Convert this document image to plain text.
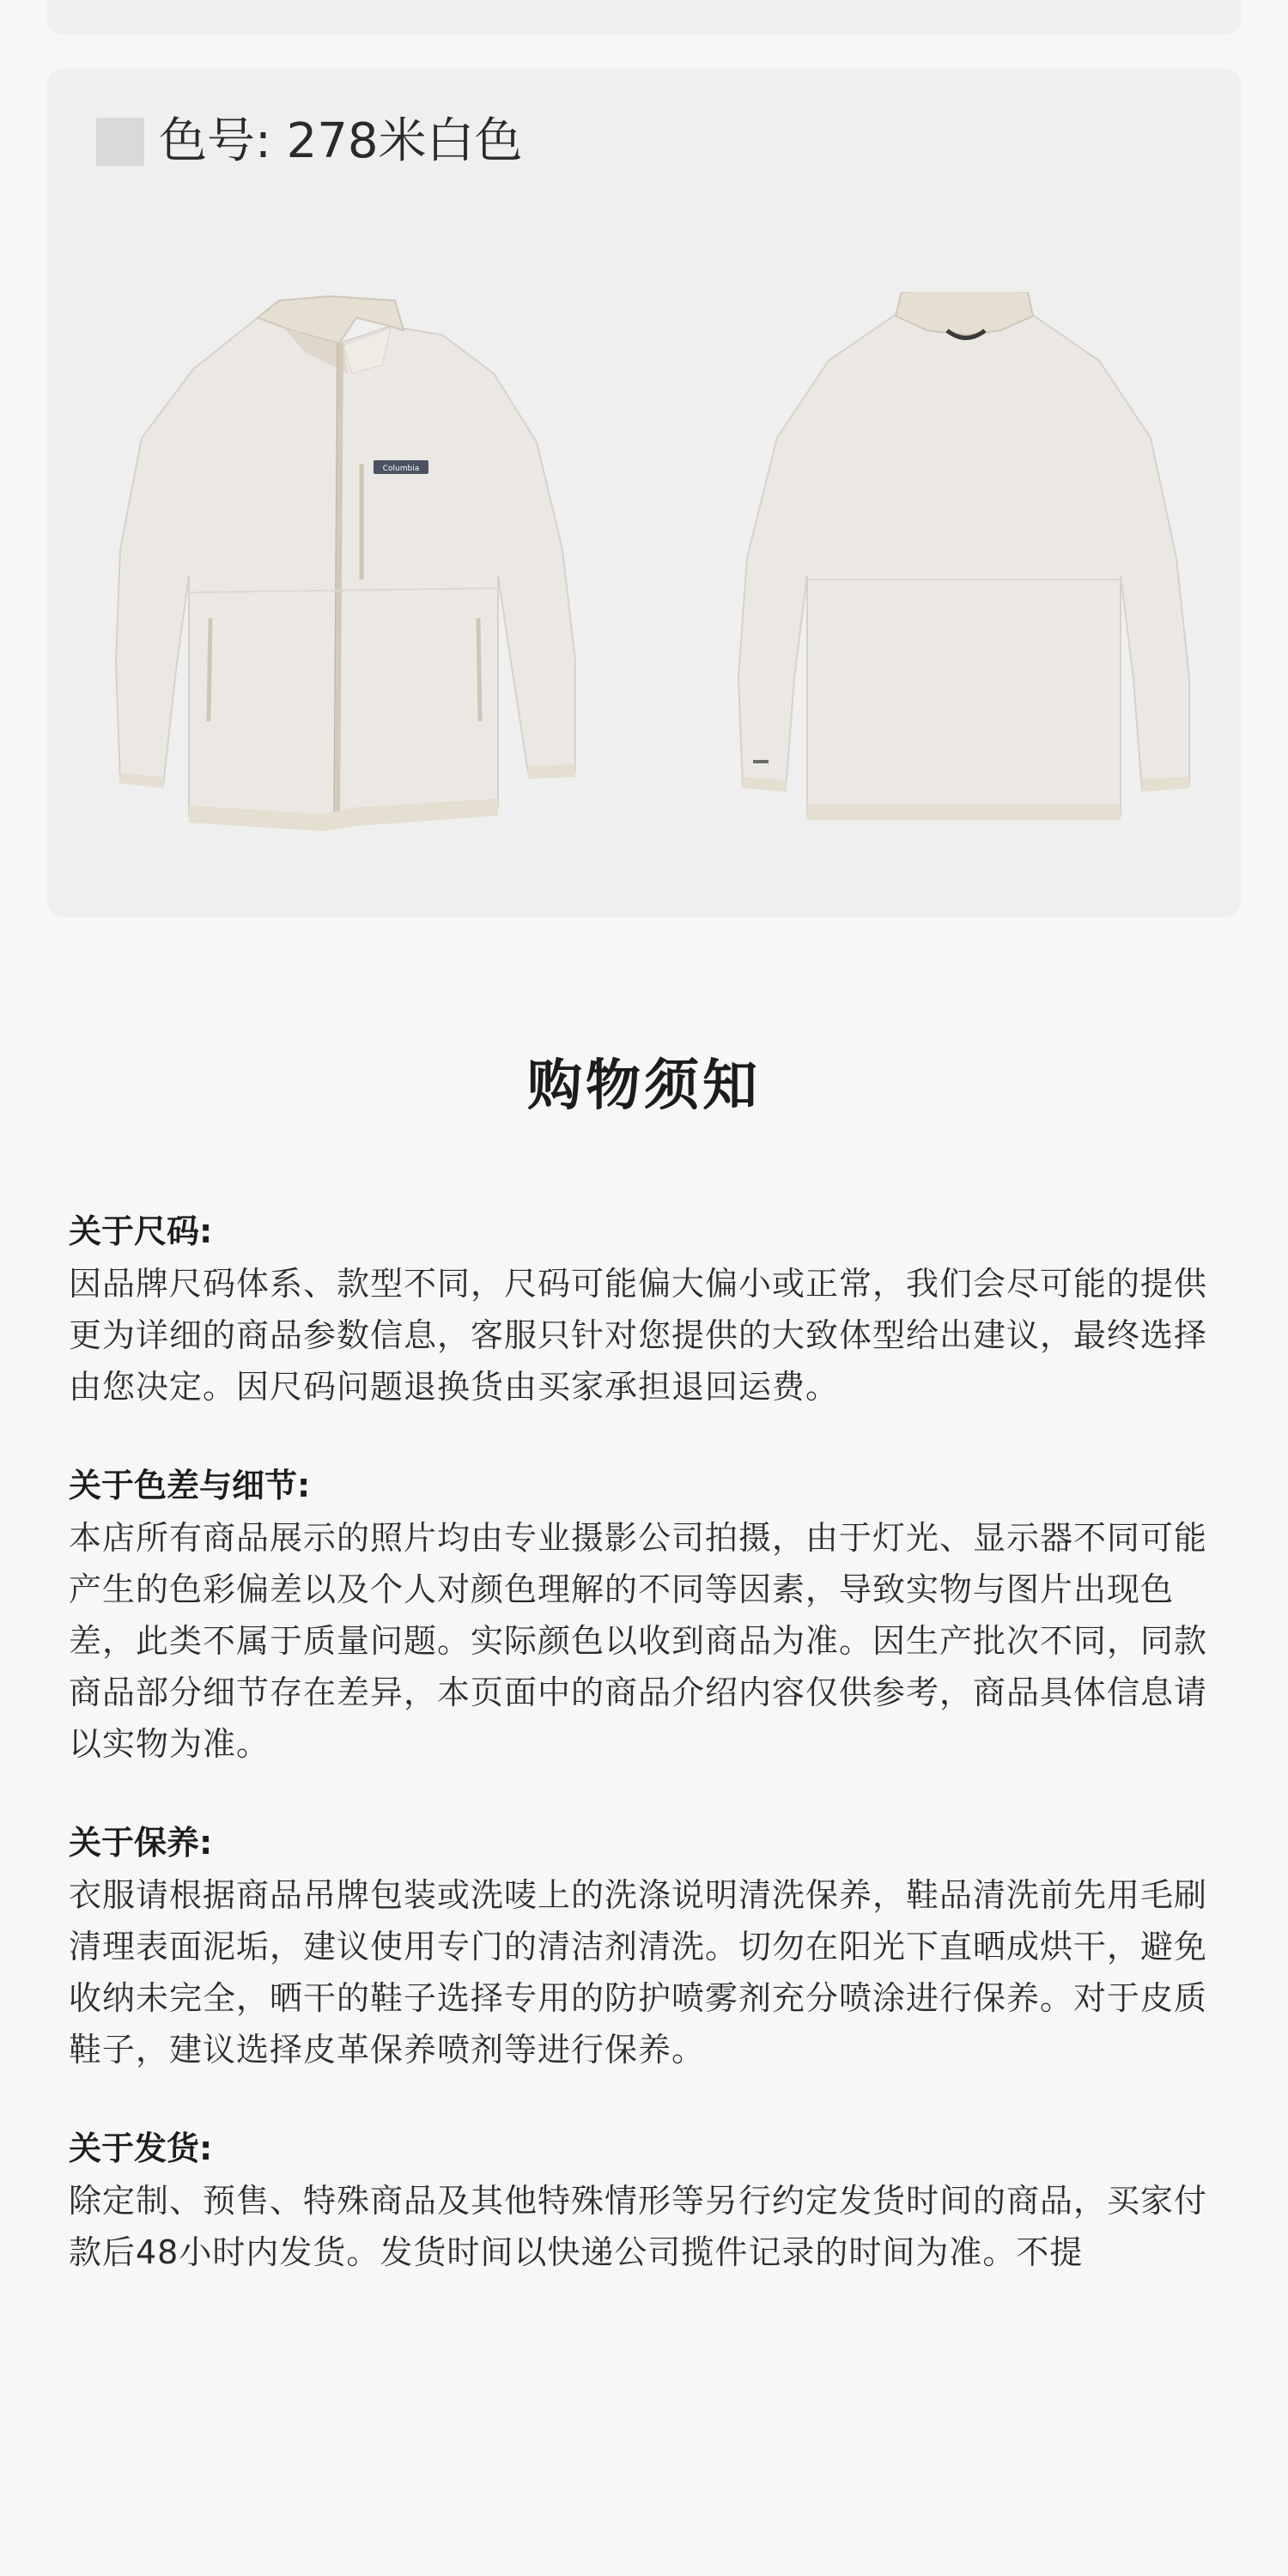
色号: 278米白色
Columbia
购物须知
关于尺码:
因品牌尺码体系、款型不同，尺码可能偏大偏小或正常，我们会尽可能的提供更为详细的商品参数信息，客服只针对您提供的大致体型给出建议，最终选择由您决定。因尺码问题退换货由买家承担退回运费。
关于色差与细节:
本店所有商品展示的照片均由专业摄影公司拍摄，由于灯光、显示器不同可能产生的色彩偏差以及个人对颜色理解的不同等因素，导致实物与图片出现色差，此类不属于质量问题。实际颜色以收到商品为准。因生产批次不同，同款商品部分细节存在差异，本页面中的商品介绍内容仅供参考，商品具体信息请以实物为准。
关于保养:
衣服请根据商品吊牌包装或洗唛上的洗涤说明清洗保养，鞋品清洗前先用毛刷清理表面泥垢，建议使用专门的清洁剂清洗。切勿在阳光下直晒成烘干，避免收纳未完全，晒干的鞋子选择专用的防护喷雾剂充分喷涂进行保养。对于皮质鞋子，建议选择皮革保养喷剂等进行保养。
关于发货:
除定制、预售、特殊商品及其他特殊情形等另行约定发货时间的商品，买家付款后48小时内发货。发货时间以快递公司揽件记录的时间为准。不提
